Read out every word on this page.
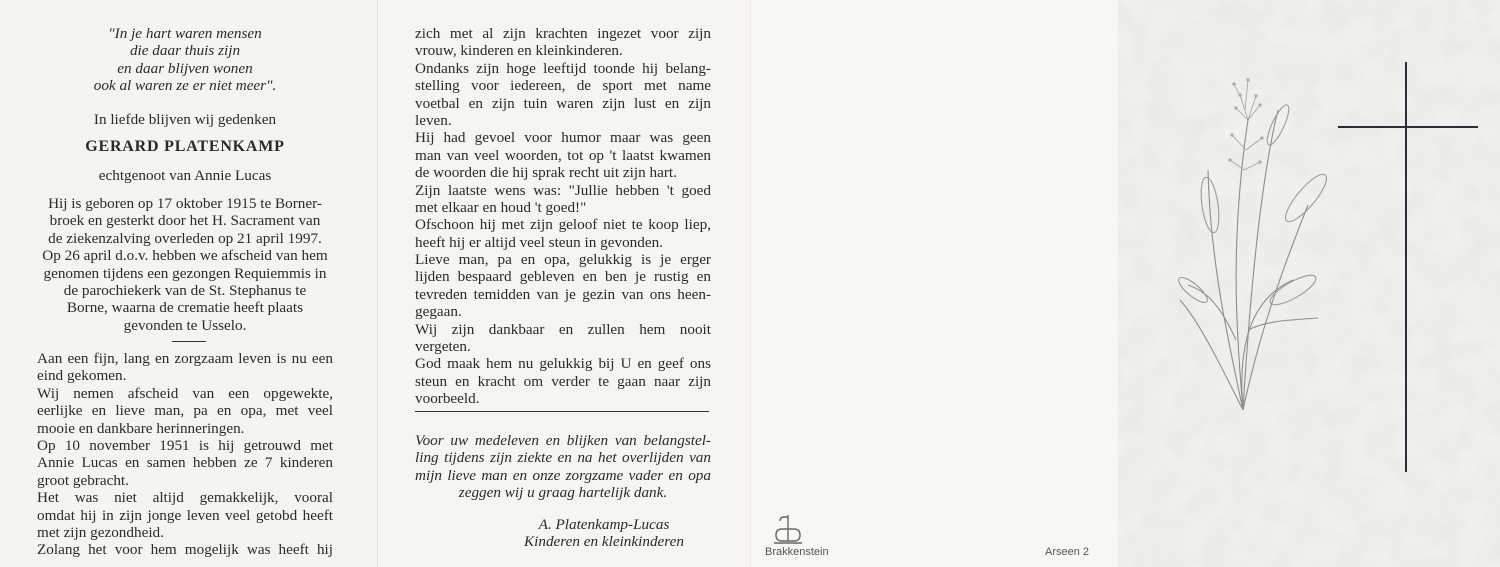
"In je hart waren mensen
die daar thuis zijn
en daar blijven wonen
ook al waren ze er niet meer".
In liefde blijven wij gedenken
GERARD PLATENKAMP
echtgenoot van Annie Lucas
Hij is geboren op 17 oktober 1915 te Borner-
broek en gesterkt door het H. Sacrament van
de ziekenzalving overleden op 21 april 1997.
Op 26 april d.o.v. hebben we afscheid van hem
genomen tijdens een gezongen Requiemmis in
de parochiekerk van de St. Stephanus te
Borne, waarna de crematie heeft plaats
gevonden te Usselo.
Aan een fijn, lang en zorgzaam leven is nu een
eind gekomen.
Wij nemen afscheid van een opgewekte,
eerlijke en lieve man, pa en opa, met veel
mooie en dankbare herinneringen.
Op 10 november 1951 is hij getrouwd met
Annie Lucas en samen hebben ze 7 kinderen
groot gebracht.
Het was niet altijd gemakkelijk, vooral
omdat hij in zijn jonge leven veel getobd heeft
met zijn gezondheid.
Zolang het voor hem mogelijk was heeft hij
zich met al zijn krachten ingezet voor zijn
vrouw, kinderen en kleinkinderen.
Ondanks zijn hoge leeftijd toonde hij belang-
stelling voor iedereen, de sport met name
voetbal en zijn tuin waren zijn lust en zijn
leven.
Hij had gevoel voor humor maar was geen
man van veel woorden, tot op 't laatst kwamen
de woorden die hij sprak recht uit zijn hart.
Zijn laatste wens was: "Jullie hebben 't goed
met elkaar en houd 't goed!"
Ofschoon hij met zijn geloof niet te koop liep,
heeft hij er altijd veel steun in gevonden.
Lieve man, pa en opa, gelukkig is je erger
lijden bespaard gebleven en ben je rustig en
tevreden temidden van je gezin van ons heen-
gegaan.
Wij zijn dankbaar en zullen hem nooit
vergeten.
God maak hem nu gelukkig bij U en geef ons
steun en kracht om verder te gaan naar zijn
voorbeeld.
Voor uw medeleven en blijken van belangstel-
ling tijdens zijn ziekte en na het overlijden van
mijn lieve man en onze zorgzame vader en opa
zeggen wij u graag hartelijk dank.
A. Platenkamp-Lucas
Kinderen en kleinkinderen
Brakkenstein	Arseen 2
